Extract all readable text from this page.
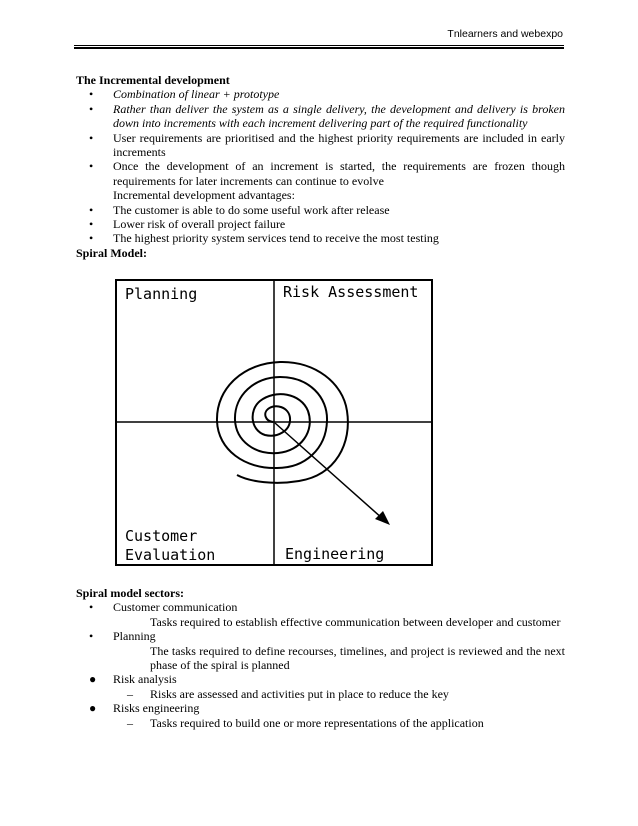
Tnlearners and webexpo
The Incremental development
• Combination of linear + prototype
• Rather than deliver the system as a single delivery, the development and delivery is broken down into increments with each increment delivering part of the required functionality
• User requirements are prioritised and the highest priority requirements are included in early increments
• Once the development of an increment is started, the requirements are frozen though requirements for later increments can continue to evolve
Incremental development advantages:
• The customer is able to do some useful work after release
• Lower risk of overall project failure
• The highest priority system services tend to receive the most testing
Spiral Model:
Planning	Risk Assessment
Customer
Evaluation	Engineering
Spiral model sectors:
• Customer communication
Tasks required to establish effective communication between developer and customer
• Planning
The tasks required to define recourses, timelines, and project is reviewed and the next phase of the spiral is planned
● Risk analysis
– Risks are assessed and activities put in place to reduce the key
● Risks engineering
– Tasks required to build one or more representations of the application
